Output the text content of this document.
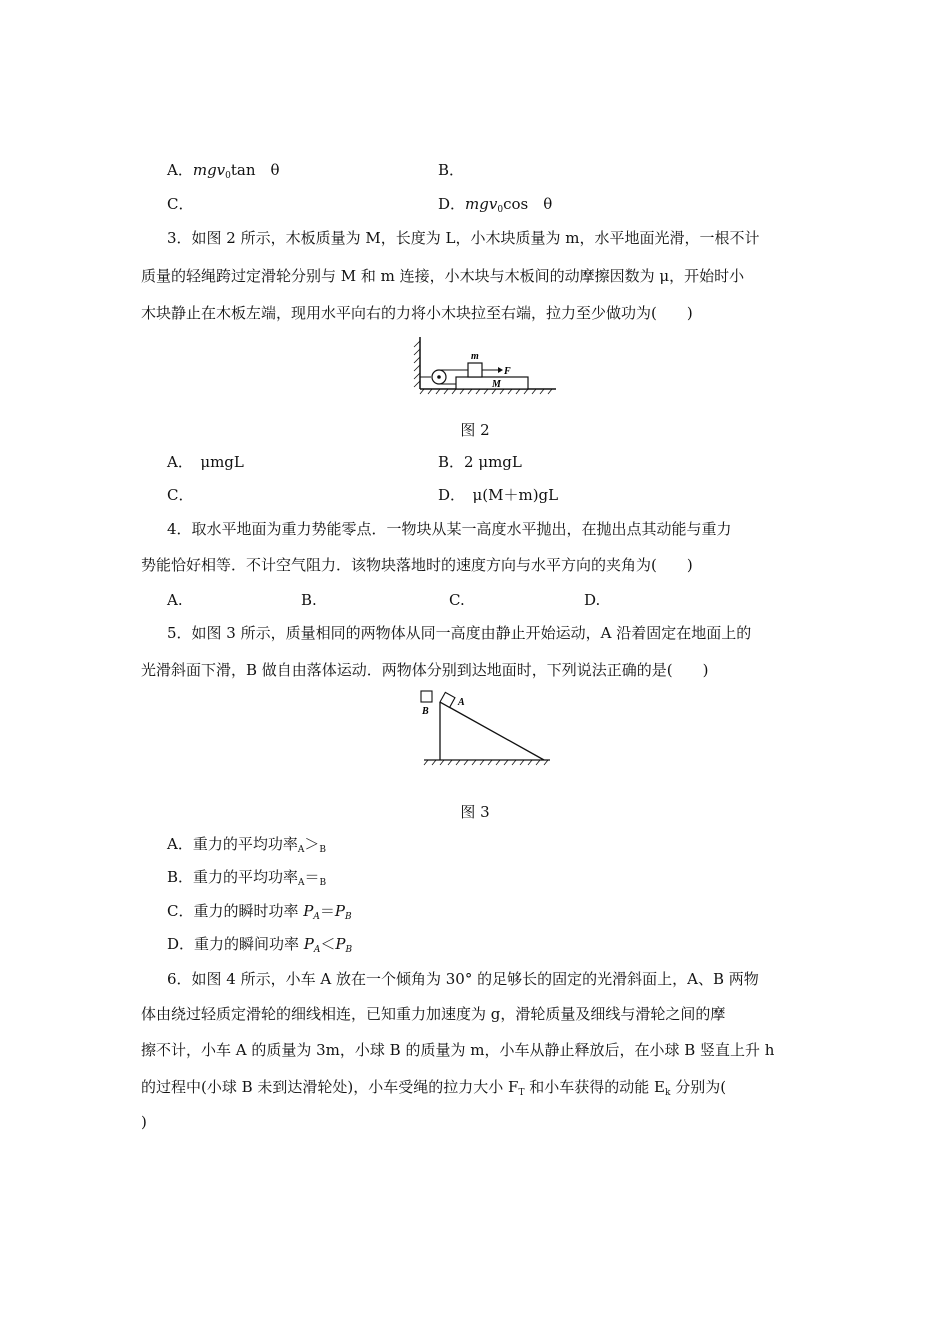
A．mgv$_0$tan　θ	B．
C．	D．mgv$_0$cos　θ
3．如图 2 所示，木板质量为 M，长度为 L，小木块质量为 m，水平地面光滑，一根不计
质量的轻绳跨过定滑轮分别与 M 和 m 连接，小木块与木板间的动摩擦因数为 μ，开始时小
木块静止在木板左端，现用水平向右的力将小木块拉至右端，拉力至少做功为(　　)
m
F
M
图 2
A．　μmgL	B．2 μmgL
C．	D．　μ(M＋m)gL
4．取水平地面为重力势能零点．一物块从某一高度水平抛出，在抛出点其动能与重力
势能恰好相等．不计空气阻力．该物块落地时的速度方向与水平方向的夹角为(　　)
A.	B.	C.	D.
5．如图 3 所示，质量相同的两物体从同一高度由静止开始运动，A 沿着固定在地面上的
光滑斜面下滑，B 做自由落体运动．两物体分别到达地面时，下列说法正确的是(　　)
B
A
图 3
A．重力的平均功率$_A>_B$
B．重力的平均功率$_A=_B$
C．重力的瞬时功率 $P_A=P_B$
D．重力的瞬间功率 $P_A<P_B$
6．如图 4 所示，小车 A 放在一个倾角为 30° 的足够长的固定的光滑斜面上，A、B 两物
体由绕过轻质定滑轮的细线相连，已知重力加速度为 g，滑轮质量及细线与滑轮之间的摩
擦不计，小车 A 的质量为 3m，小球 B 的质量为 m，小车从静止释放后，在小球 B 竖直上升 h
的过程中(小球 B 未到达滑轮处)，小车受绳的拉力大小 $F_T$ 和小车获得的动能 $E_k$ 分别为(
)
